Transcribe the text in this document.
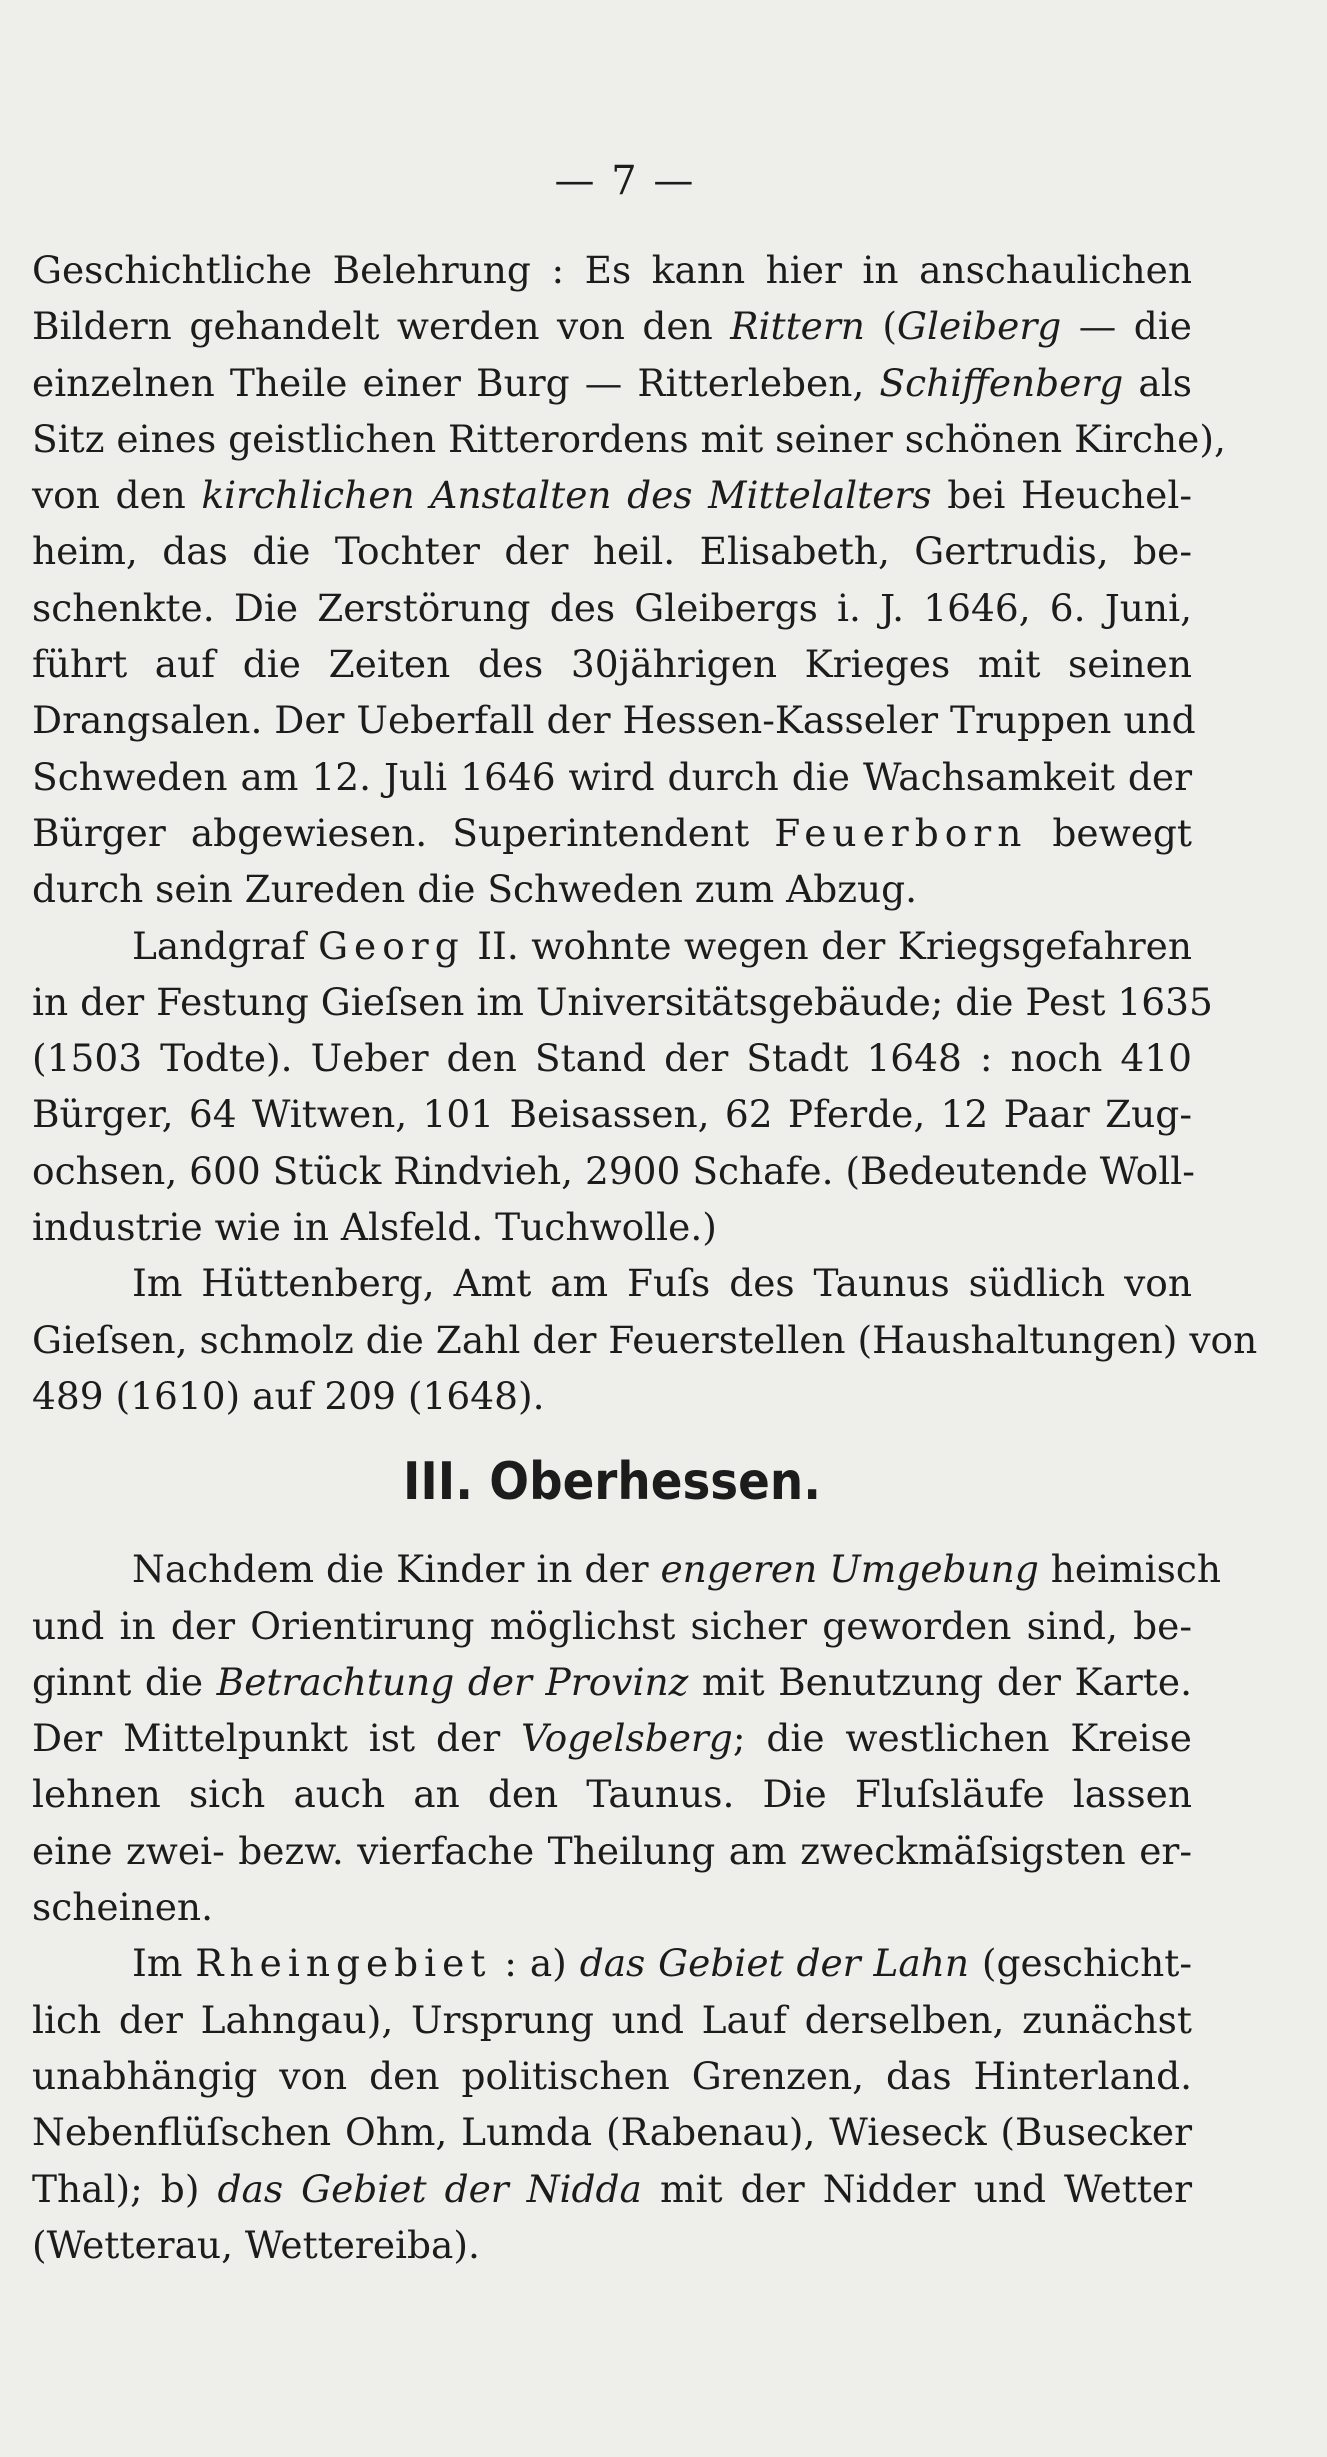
— 7 —
Geschichtliche Belehrung : Es kann hier in anschaulichen
Bildern gehandelt werden von den Rittern (Gleiberg — die
einzelnen Theile einer Burg — Ritterleben, Schiffenberg als
Sitz eines geistlichen Ritterordens mit seiner schönen Kirche),
von den kirchlichen Anstalten des Mittelalters bei Heuchel-
heim, das die Tochter der heil. Elisabeth, Gertrudis, be-
schenkte. Die Zerstörung des Gleibergs i. J. 1646, 6. Juni,
führt auf die Zeiten des 30jährigen Krieges mit seinen
Drangsalen. Der Ueberfall der Hessen-Kasseler Truppen und
Schweden am 12. Juli 1646 wird durch die Wachsamkeit der
Bürger abgewiesen. Superintendent Feuerborn bewegt
durch sein Zureden die Schweden zum Abzug.
Landgraf Georg II. wohnte wegen der Kriegsgefahren
in der Festung Gieſsen im Universitätsgebäude; die Pest 1635
(1503 Todte). Ueber den Stand der Stadt 1648 : noch 410
Bürger, 64 Witwen, 101 Beisassen, 62 Pferde, 12 Paar Zug-
ochsen, 600 Stück Rindvieh, 2900 Schafe. (Bedeutende Woll-
industrie wie in Alsfeld. Tuchwolle.)
Im Hüttenberg, Amt am Fuſs des Taunus südlich von
Gieſsen, schmolz die Zahl der Feuerstellen (Haushaltungen) von
489 (1610) auf 209 (1648).
III. Oberhessen.
Nachdem die Kinder in der engeren Umgebung heimisch
und in der Orientirung möglichst sicher geworden sind, be-
ginnt die Betrachtung der Provinz mit Benutzung der Karte.
Der Mittelpunkt ist der Vogelsberg; die westlichen Kreise
lehnen sich auch an den Taunus. Die Fluſsläufe lassen
eine zwei- bezw. vierfache Theilung am zweckmäſsigsten er-
scheinen.
Im Rheingebiet : a) das Gebiet der Lahn (geschicht-
lich der Lahngau), Ursprung und Lauf derselben, zunächst
unabhängig von den politischen Grenzen, das Hinterland.
Nebenflüſschen Ohm, Lumda (Rabenau), Wieseck (Busecker
Thal); b) das Gebiet der Nidda mit der Nidder und Wetter
(Wetterau, Wettereiba).
